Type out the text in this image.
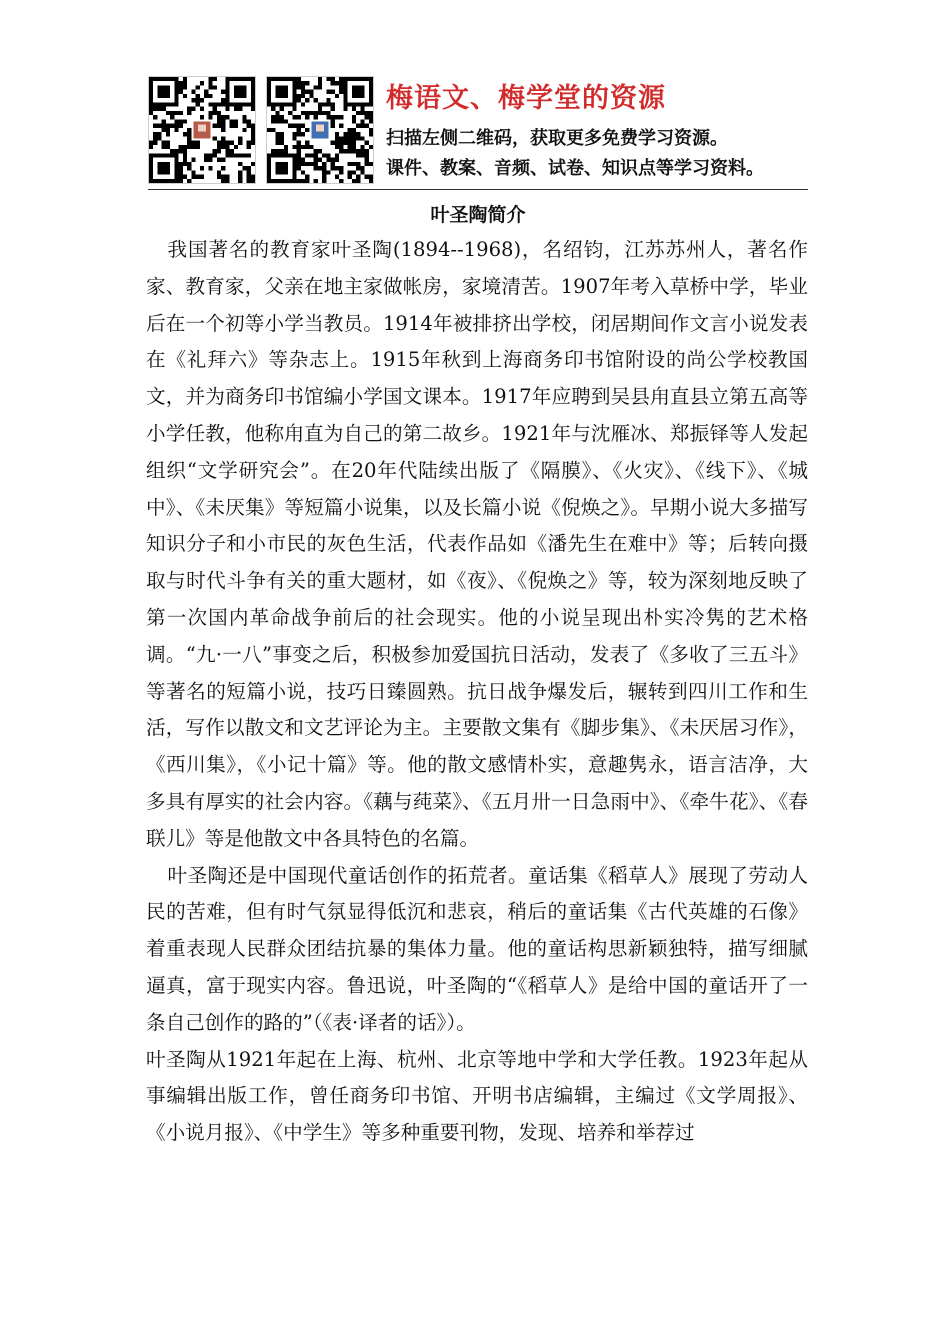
梅语文、梅学堂的资源
扫描左侧二维码，获取更多免费学习资源。
课件、教案、音频、试卷、知识点等学习资料。
叶圣陶简介

我国著名的教育家叶圣陶(1894--1968)，名绍钧，江苏苏州人，著名作家、教育家，父亲在地主家做帐房，家境清苦。1907年考入草桥中学，毕业后在一个初等小学当教员。1914年被排挤出学校，闭居期间作文言小说发表在《礼拜六》等杂志上。1915年秋到上海商务印书馆附设的尚公学校教国文，并为商务印书馆编小学国文课本。1917年应聘到吴县甪直县立第五高等小学任教，他称甪直为自己的第二故乡。1921年与沈雁冰、郑振铎等人发起组织“文学研究会”。在20年代陆续出版了《隔膜》、《火灾》、《线下》、《城中》、《未厌集》等短篇小说集，以及长篇小说《倪焕之》。早期小说大多描写知识分子和小市民的灰色生活，代表作品如《潘先生在难中》等；后转向摄取与时代斗争有关的重大题材，如《夜》、《倪焕之》等，较为深刻地反映了第一次国内革命战争前后的社会现实。他的小说呈现出朴实冷隽的艺术格调。“九·一八”事变之后，积极参加爱国抗日活动，发表了《多收了三五斗》等著名的短篇小说，技巧日臻圆熟。抗日战争爆发后，辗转到四川工作和生活，写作以散文和文艺评论为主。主要散文集有《脚步集》、《未厌居习作》，《西川集》，《小记十篇》等。他的散文感情朴实，意趣隽永，语言洁净，大多具有厚实的社会内容。《藕与莼菜》、《五月卅一日急雨中》、《牵牛花》、《春联儿》等是他散文中各具特色的名篇。

叶圣陶还是中国现代童话创作的拓荒者。童话集《稻草人》展现了劳动人民的苦难，但有时气氛显得低沉和悲哀，稍后的童话集《古代英雄的石像》着重表现人民群众团结抗暴的集体力量。他的童话构思新颖独特，描写细腻逼真，富于现实内容。鲁迅说，叶圣陶的“《稻草人》是给中国的童话开了一条自己创作的路的”（《表·译者的话》）。

叶圣陶从1921年起在上海、杭州、北京等地中学和大学任教。1923年起从事编辑出版工作，曾任商务印书馆、开明书店编辑，主编过《文学周报》、《小说月报》、《中学生》等多种重要刊物，发现、培养和举荐过
